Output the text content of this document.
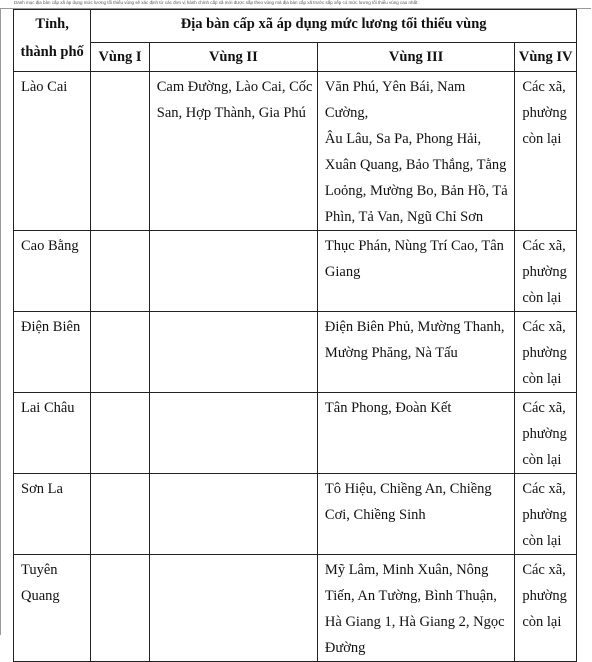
Danh mục địa bàn cấp xã áp dụng mức lương tối thiểu vùng sẽ xác định từ các đơn vị hành chính cấp xã mới được sắp theo vùng mà địa bàn cấp xã trước sắp xếp có mức lương tối thiểu vùng cao nhất
Tỉnh,
thành phố	Địa bàn cấp xã áp dụng mức lương tối thiểu vùng			
	Vùng I	Vùng II	Vùng III	Vùng IV

Lào Cai		Cam Đường, Lào Cai, Cốc
San, Hợp Thành, Gia Phú	Văn Phú, Yên Bái, Nam Cường,
Âu Lâu, Sa Pa, Phong Hải,
Xuân Quang, Bảo Thắng, Tằng
Loỏng, Mường Bo, Bản Hồ, Tả
Phìn, Tả Van, Ngũ Chỉ Sơn	Các xã,
phường
còn lại

Cao Bằng			Thục Phán, Nùng Trí Cao, Tân
Giang	Các xã,
phường
còn lại

Điện Biên			Điện Biên Phủ, Mường Thanh,
Mường Phăng, Nà Tấu	Các xã,
phường
còn lại

Lai Châu			Tân Phong, Đoàn Kết	Các xã,
phường
còn lại

Sơn La			Tô Hiệu, Chiềng An, Chiềng
Cơi, Chiềng Sinh	Các xã,
phường
còn lại

Tuyên
Quang			Mỹ Lâm, Minh Xuân, Nông
Tiến, An Tường, Bình Thuận,
Hà Giang 1, Hà Giang 2, Ngọc
Đường	Các xã,
phường
còn lại
